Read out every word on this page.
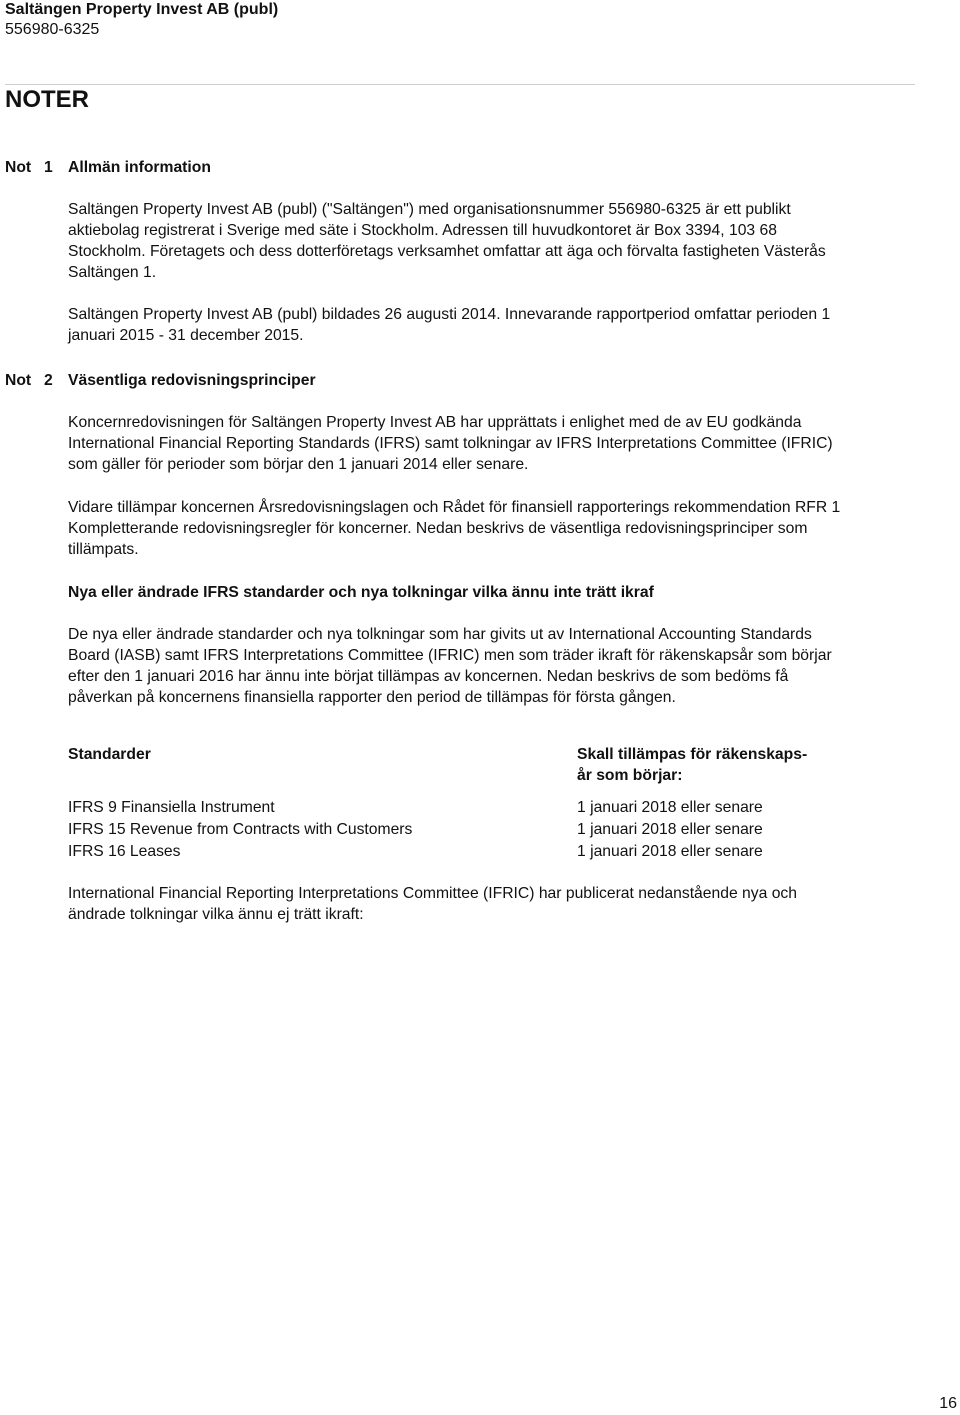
Saltängen Property Invest AB (publ)
556980-6325
NOTER
Not 1 Allmän information
Saltängen Property Invest AB (publ) ("Saltängen") med organisationsnummer 556980-6325 är ett publikt
aktiebolag registrerat i Sverige med säte i Stockholm. Adressen till huvudkontoret är Box 3394, 103 68
Stockholm. Företagets och dess dotterföretags verksamhet omfattar att äga och förvalta fastigheten Västerås
Saltängen 1.
Saltängen Property Invest AB (publ) bildades 26 augusti 2014. Innevarande rapportperiod omfattar perioden 1
januari 2015 - 31 december 2015.
Not 2 Väsentliga redovisningsprinciper
Koncernredovisningen för Saltängen Property Invest AB har upprättats i enlighet med de av EU godkända
International Financial Reporting Standards (IFRS) samt tolkningar av IFRS Interpretations Committee (IFRIC)
som gäller för perioder som börjar den 1 januari 2014 eller senare.
Vidare tillämpar koncernen Årsredovisningslagen och Rådet för finansiell rapporterings rekommendation RFR 1
Kompletterande redovisningsregler för koncerner. Nedan beskrivs de väsentliga redovisningsprinciper som
tillämpats.
Nya eller ändrade IFRS standarder och nya tolkningar vilka ännu inte trätt ikraf
De nya eller ändrade standarder och nya tolkningar som har givits ut av International Accounting Standards
Board (IASB) samt IFRS Interpretations Committee (IFRIC) men som träder ikraft för räkenskapsår som börjar
efter den 1 januari 2016 har ännu inte börjat tillämpas av koncernen. Nedan beskrivs de som bedöms få
påverkan på koncernens finansiella rapporter den period de tillämpas för första gången.
Standarder	Skall tillämpas för räkenskaps-
år som börjar:
IFRS 9 Finansiella Instrument
IFRS 15 Revenue from Contracts with Customers
IFRS 16 Leases
1 januari 2018 eller senare
1 januari 2018 eller senare
1 januari 2018 eller senare
International Financial Reporting Interpretations Committee (IFRIC) har publicerat nedanstående nya och
ändrade tolkningar vilka ännu ej trätt ikraft:
16
